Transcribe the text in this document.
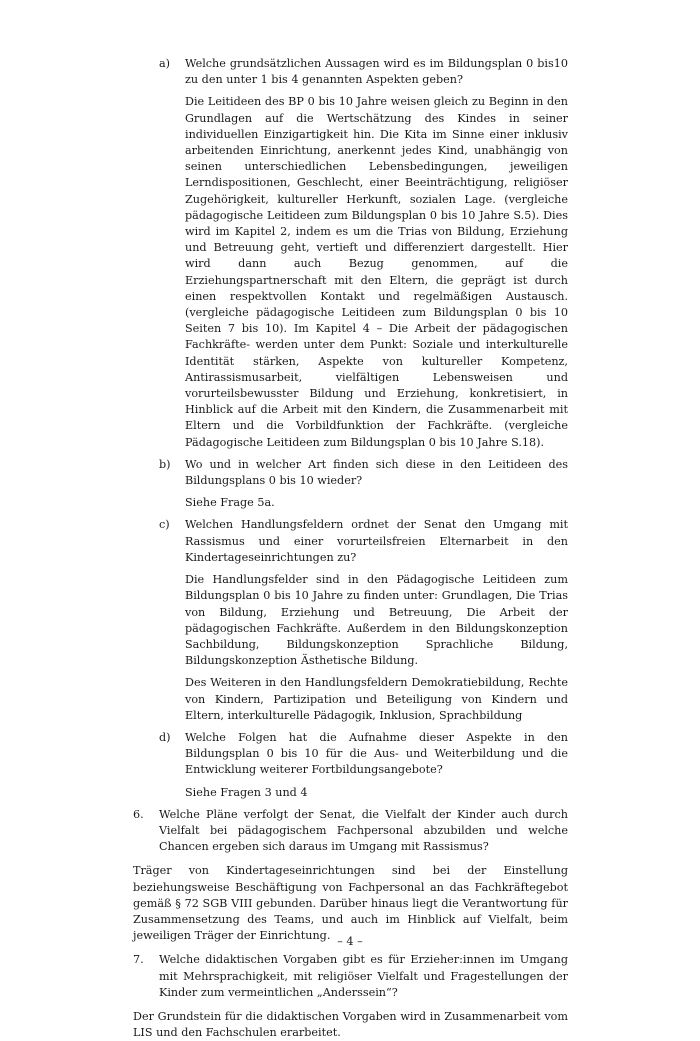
a)	Welche grundsätzlichen Aussagen wird es im Bildungsplan 0 bis10 zu den unter 1 bis 4 genannten Aspekten geben?
Die Leitideen des BP 0 bis 10 Jahre weisen gleich zu Beginn in den Grundlagen auf die Wertschätzung des Kindes in seiner individuellen Einzigartigkeit hin. Die Kita im Sinne einer inklusiv arbeitenden Einrichtung, anerkennt jedes Kind, unabhängig von seinen unterschiedlichen Lebensbedingungen, jeweiligen Lerndispositionen, Geschlecht, einer Beeinträchtigung, religiöser Zugehörigkeit, kultureller Herkunft, sozialen Lage. (vergleiche pädagogische Leitideen zum Bildungsplan 0 bis 10 Jahre S.5). Dies wird im Kapitel 2, indem es um die Trias von Bildung, Erziehung und Betreuung geht, vertieft und differenziert dargestellt. Hier wird dann auch Bezug genommen, auf die Erziehungspartnerschaft mit den Eltern, die geprägt ist durch einen respektvollen Kontakt und regelmäßigen Austausch. (vergleiche pädagogische Leitideen zum Bildungsplan 0 bis 10 Seiten 7 bis 10). Im Kapitel 4 – Die Arbeit der pädagogischen Fachkräfte- werden unter dem Punkt: Soziale und interkulturelle Identität stärken, Aspekte von kultureller Kompetenz, Antirassismusarbeit, vielfältigen Lebensweisen und vorurteilsbewusster Bildung und Erziehung, konkretisiert, in Hinblick auf die Arbeit mit den Kindern, die Zusammenarbeit mit Eltern und die Vorbildfunktion der Fachkräfte. (vergleiche Pädagogische Leitideen zum Bildungsplan 0 bis 10 Jahre S.18).
b)	Wo und in welcher Art finden sich diese in den Leitideen des Bildungsplans 0 bis 10 wieder?
Siehe Frage 5a.
c)	Welchen Handlungsfeldern ordnet der Senat den Umgang mit Rassismus und einer vorurteilsfreien Elternarbeit in den Kindertageseinrichtungen zu?
Die Handlungsfelder sind in den Pädagogische Leitideen zum Bildungsplan 0 bis 10 Jahre zu finden unter: Grundlagen, Die Trias von Bildung, Erziehung und Betreuung, Die Arbeit der pädagogischen Fachkräfte. Außerdem in den Bildungskonzeption Sachbildung, Bildungskonzeption Sprachliche Bildung, Bildungskonzeption Ästhetische Bildung.
Des Weiteren in den Handlungsfeldern Demokratiebildung, Rechte von Kindern, Partizipation und Beteiligung von Kindern und Eltern, interkulturelle Pädagogik, Inklusion, Sprachbildung
d)	Welche Folgen hat die Aufnahme dieser Aspekte in den Bildungsplan 0 bis 10 für die Aus- und Weiterbildung und die Entwicklung weiterer Fortbildungsangebote?
Siehe Fragen 3 und 4
6.	Welche Pläne verfolgt der Senat, die Vielfalt der Kinder auch durch Vielfalt bei pädagogischem Fachpersonal abzubilden und welche Chancen ergeben sich daraus im Umgang mit Rassismus?
Träger von Kindertageseinrichtungen sind bei der Einstellung beziehungsweise Beschäftigung von Fachpersonal an das Fachkräftegebot gemäß § 72 SGB VIII gebunden. Darüber hinaus liegt die Verantwortung für Zusammensetzung des Teams, und auch im Hinblick auf Vielfalt, beim jeweiligen Träger der Einrichtung.
7.	Welche didaktischen Vorgaben gibt es für Erzieher:innen im Umgang mit Mehrsprachigkeit, mit religiöser Vielfalt und Fragestellungen der Kinder zum vermeintlichen „Anderssein“?
Der Grundstein für die didaktischen Vorgaben wird in Zusammenarbeit vom LIS und den Fachschulen erarbeitet.
– 4 –
